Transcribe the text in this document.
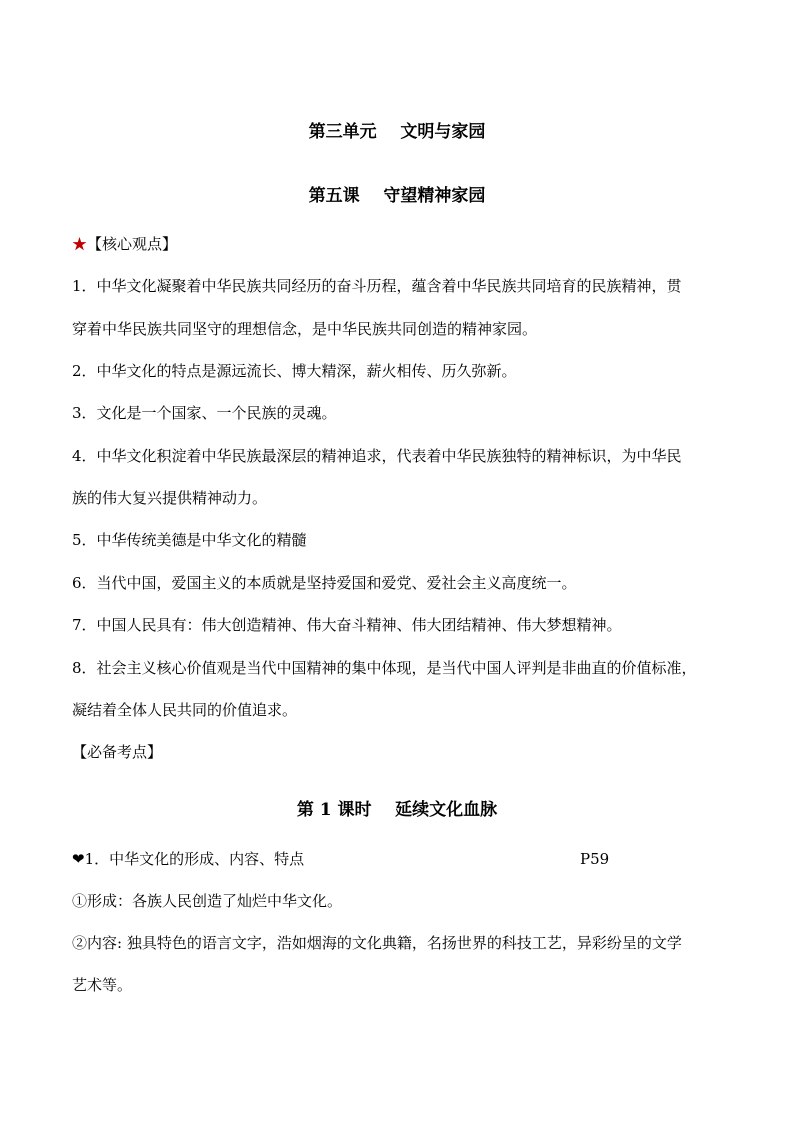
第三单元    文明与家园
第五课    守望精神家园
★【核心观点】
1．中华文化凝聚着中华民族共同经历的奋斗历程，蕴含着中华民族共同培育的民族精神，贯
穿着中华民族共同坚守的理想信念，是中华民族共同创造的精神家园。
2．中华文化的特点是源远流长、博大精深，薪火相传、历久弥新。
3．文化是一个国家、一个民族的灵魂。
4．中华文化积淀着中华民族最深层的精神追求，代表着中华民族独特的精神标识，为中华民
族的伟大复兴提供精神动力。
5．中华传统美德是中华文化的精髓
6．当代中国，爱国主义的本质就是坚持爱国和爱党、爱社会主义高度统一。
7．中国人民具有：伟大创造精神、伟大奋斗精神、伟大团结精神、伟大梦想精神。
8．社会主义核心价值观是当代中国精神的集中体现，是当代中国人评判是非曲直的价值标准，
凝结着全体人民共同的价值追求。
【必备考点】
第 1 课时    延续文化血脉
❤1．中华文化的形成、内容、特点	P59
①形成：各族人民创造了灿烂中华文化。
②内容: 独具特色的语言文字，浩如烟海的文化典籍，名扬世界的科技工艺，异彩纷呈的文学
艺术等。
